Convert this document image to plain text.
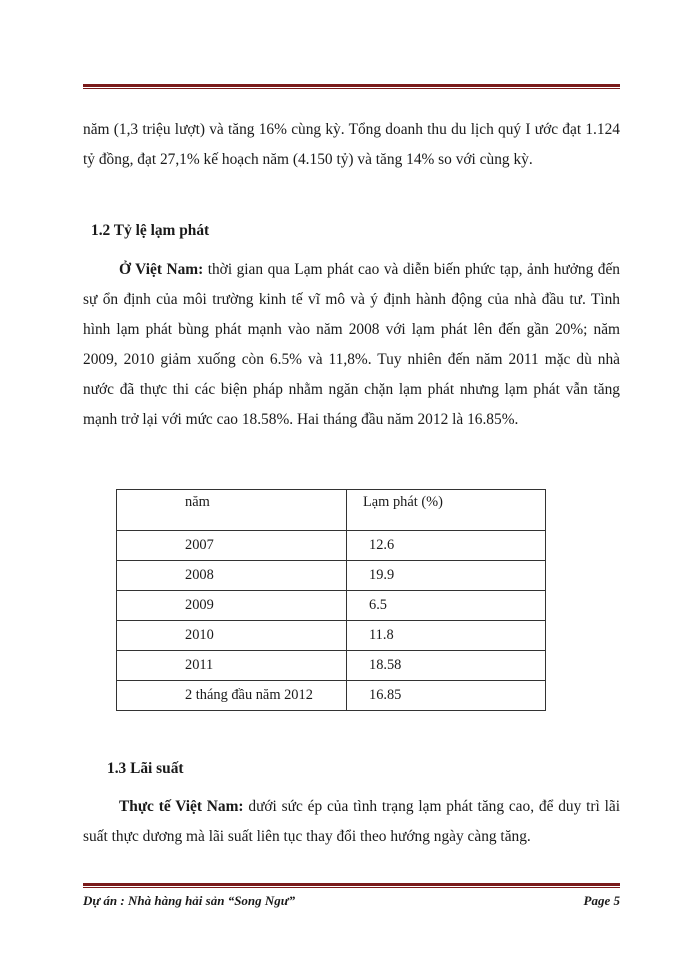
năm (1,3 triệu lượt) và tăng 16% cùng kỳ. Tổng doanh thu du lịch quý I ước đạt 1.124 tỷ đồng, đạt 27,1% kế hoạch năm (4.150 tỷ) và tăng 14% so với cùng kỳ.

1.2 Tỷ lệ lạm phát

Ở Việt Nam: thời gian qua Lạm phát cao và diễn biến phức tạp, ảnh hưởng đến sự ổn định của môi trường kinh tế vĩ mô và ý định hành động của nhà đầu tư. Tình hình lạm phát bùng phát mạnh vào năm 2008 với lạm phát lên đến gần 20%; năm 2009, 2010 giảm xuống còn 6.5% và 11,8%. Tuy nhiên đến năm 2011 mặc dù nhà nước đã thực thi các biện pháp nhằm ngăn chặn lạm phát nhưng lạm phát vẫn tăng mạnh trở lại với mức cao 18.58%. Hai tháng đầu năm 2012 là 16.85%.

năm	Lạm phát (%)
2007	12.6
2008	19.9
2009	6.5
2010	11.8
2011	18.58
2 tháng đầu năm 2012	16.85
1.3 Lãi suất

Thực tế Việt Nam: dưới sức ép của tình trạng lạm phát tăng cao, để duy trì lãi suất thực dương mà lãi suất liên tục thay đổi theo hướng ngày càng tăng.

Dự án : Nhà hàng hải sản “Song Ngư”	Page 5
